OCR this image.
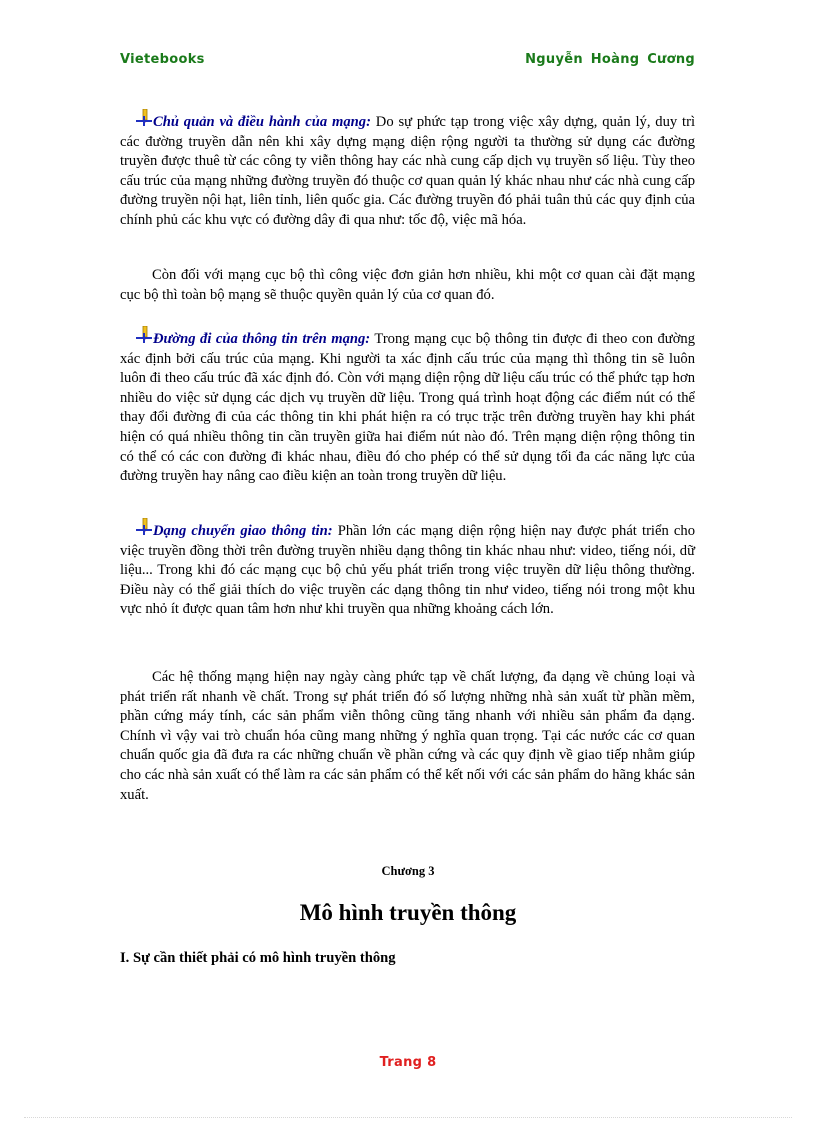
Vietebooks	Nguyễn Hoàng Cương
Chủ quản và điều hành của mạng: Do sự phức tạp trong việc xây dựng, quản lý, duy trì các đường truyền dẫn nên khi xây dựng mạng diện rộng người ta thường sử dụng các đường truyền được thuê từ các công ty viễn thông hay các nhà cung cấp dịch vụ truyền số liệu. Tùy theo cấu trúc của mạng những đường truyền đó thuộc cơ quan quản lý khác nhau như các nhà cung cấp đường truyền nội hạt, liên tỉnh, liên quốc gia. Các đường truyền đó phải tuân thủ các quy định của chính phủ các khu vực có đường dây đi qua như: tốc độ, việc mã hóa.
Còn đối với mạng cục bộ thì công việc đơn giản hơn nhiều, khi một cơ quan cài đặt mạng cục bộ thì toàn bộ mạng sẽ thuộc quyền quản lý của cơ quan đó.
Đường đi của thông tin trên mạng: Trong mạng cục bộ thông tin được đi theo con đường xác định bởi cấu trúc của mạng. Khi người ta xác định cấu trúc của mạng thì thông tin sẽ luôn luôn đi theo cấu trúc đã xác định đó. Còn với mạng diện rộng dữ liệu cấu trúc có thể phức tạp hơn nhiều do việc sử dụng các dịch vụ truyền dữ liệu. Trong quá trình hoạt động các điểm nút có thể thay đổi đường đi của các thông tin khi phát hiện ra có trục trặc trên đường truyền hay khi phát hiện có quá nhiều thông tin cần truyền giữa hai điểm nút nào đó. Trên mạng diện rộng thông tin có thể có các con đường đi khác nhau, điều đó cho phép có thể sử dụng tối đa các năng lực của đường truyền hay nâng cao điều kiện an toàn trong truyền dữ liệu.
Dạng chuyển giao thông tin: Phần lớn các mạng diện rộng hiện nay được phát triển cho việc truyền đồng thời trên đường truyền nhiều dạng thông tin khác nhau như: video, tiếng nói, dữ liệu... Trong khi đó các mạng cục bộ chủ yếu phát triển trong việc truyền dữ liệu thông thường. Điều này có thể giải thích do việc truyền các dạng thông tin như video, tiếng nói trong một khu vực nhỏ ít được quan tâm hơn như khi truyền qua những khoảng cách lớn.
Các hệ thống mạng hiện nay ngày càng phức tạp về chất lượng, đa dạng về chủng loại và phát triển rất nhanh về chất. Trong sự phát triển đó số lượng những nhà sản xuất từ phần mềm, phần cứng máy tính, các sản phẩm viễn thông cũng tăng nhanh với nhiều sản phẩm đa dạng. Chính vì vậy vai trò chuẩn hóa cũng mang những ý nghĩa quan trọng. Tại các nước các cơ quan chuẩn quốc gia đã đưa ra các những chuẩn về phần cứng và các quy định về giao tiếp nhằm giúp cho các nhà sản xuất có thể làm ra các sản phẩm có thể kết nối với các sản phẩm do hãng khác sản xuất.
Chương 3
Mô hình truyền thông
I. Sự cần thiết phải có mô hình truyền thông
Trang 8
